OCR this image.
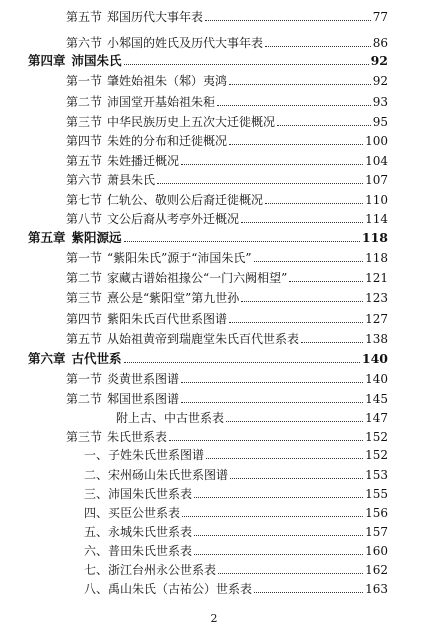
第五节 郑国历代大事年表	77
第六节 小邾国的姓氏及历代大事年表	86
第四章 沛国朱氏	92
第一节 肇姓始祖朱（邾）夷鸿	92
第二节 沛国堂开基始祖朱秬	93
第三节 中华民族历史上五次大迁徙概况	95
第四节 朱姓的分布和迁徙概况	100
第五节 朱姓播迁概况	104
第六节 萧县朱氏	107
第七节 仁轨公、敬则公后裔迁徙概况	110
第八节 文公后裔从考亭外迁概况	114
第五章 紫阳源远	118
第一节 “紫阳朱氏”源于“沛国朱氏”	118
第二节 家藏古谱始祖掾公“一门六阙相望”	121
第三节 熹公是“紫阳堂”第九世孙	123
第四节 紫阳朱氏百代世系图谱	127
第五节 从始祖黄帝到瑞鹿堂朱氏百代世系表	138
第六章 古代世系	140
第一节 炎黄世系图谱	140
第二节 邾国世系图谱	145
附上古、中古世系表	147
第三节 朱氏世系表	152
一、 子姓朱氏世系图谱	152
二、 宋州砀山朱氏世系图谱	153
三、 沛国朱氏世系表	155
四、 买臣公世系表	156
五、 永城朱氏世系表	157
六、 普田朱氏世系表	160
七、 浙江台州永公世系表	162
八、 禹山朱氏（古祐公）世系表	163
2
